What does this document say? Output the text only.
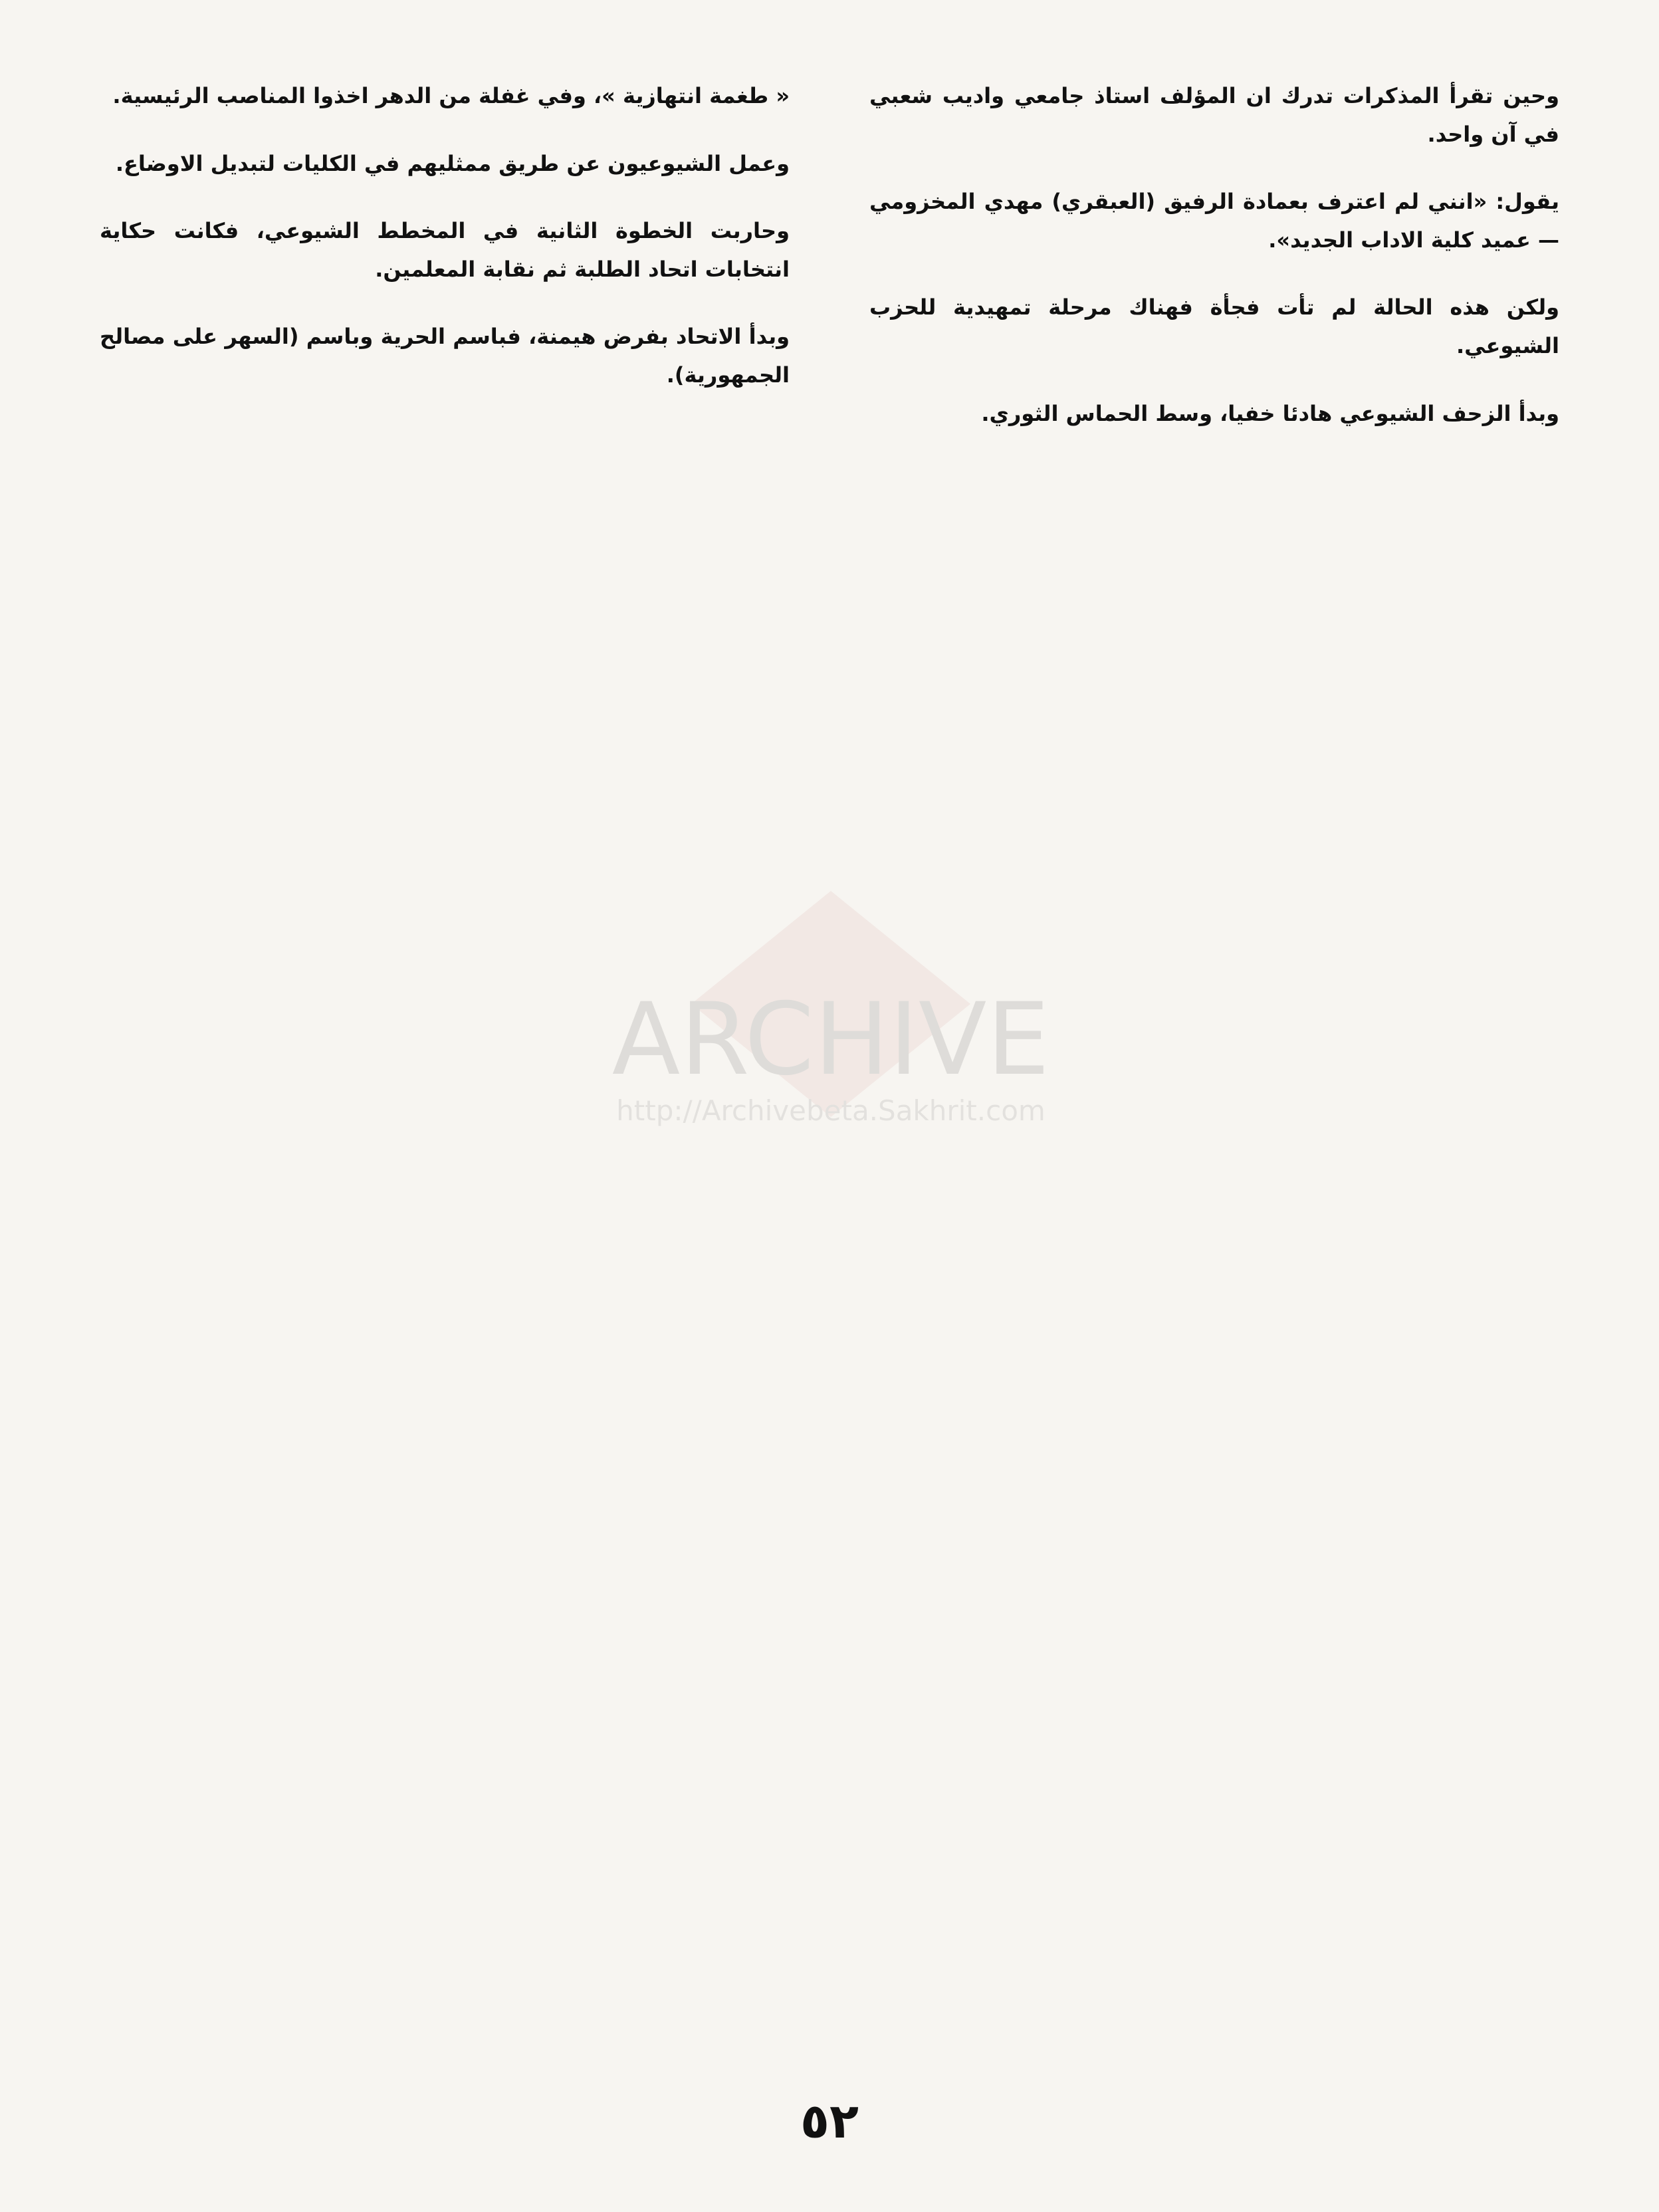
وحين تقرأ المذكرات تدرك ان المؤلف استاذ جامعي واديب شعبي في آن واحد.

يقول: «انني لم اعترف بعمادة الرفيق (العبقري) مهدي المخزومي — عميد كلية الاداب الجديد».

ولكن هذه الحالة لم تأت فجأة فهناك مرحلة تمهيدية للحزب الشيوعي.

وبدأ الزحف الشيوعي هادئا خفيا، وسط الحماس الثوري.

« طغمة انتهازية »، وفي غفلة من الدهر اخذوا المناصب الرئيسية.

وعمل الشيوعيون عن طريق ممثليهم في الكليات لتبديل الاوضاع.

وحاربت الخطوة الثانية في المخطط الشيوعي، فكانت حكاية انتخابات اتحاد الطلبة ثم نقابة المعلمين.

وبدأ الاتحاد بفرض هيمنة، فباسم الحرية وباسم (السهر على مصالح الجمهورية).

ARCHIVE
http://Archivebeta.Sakhrit.com
٥٢
